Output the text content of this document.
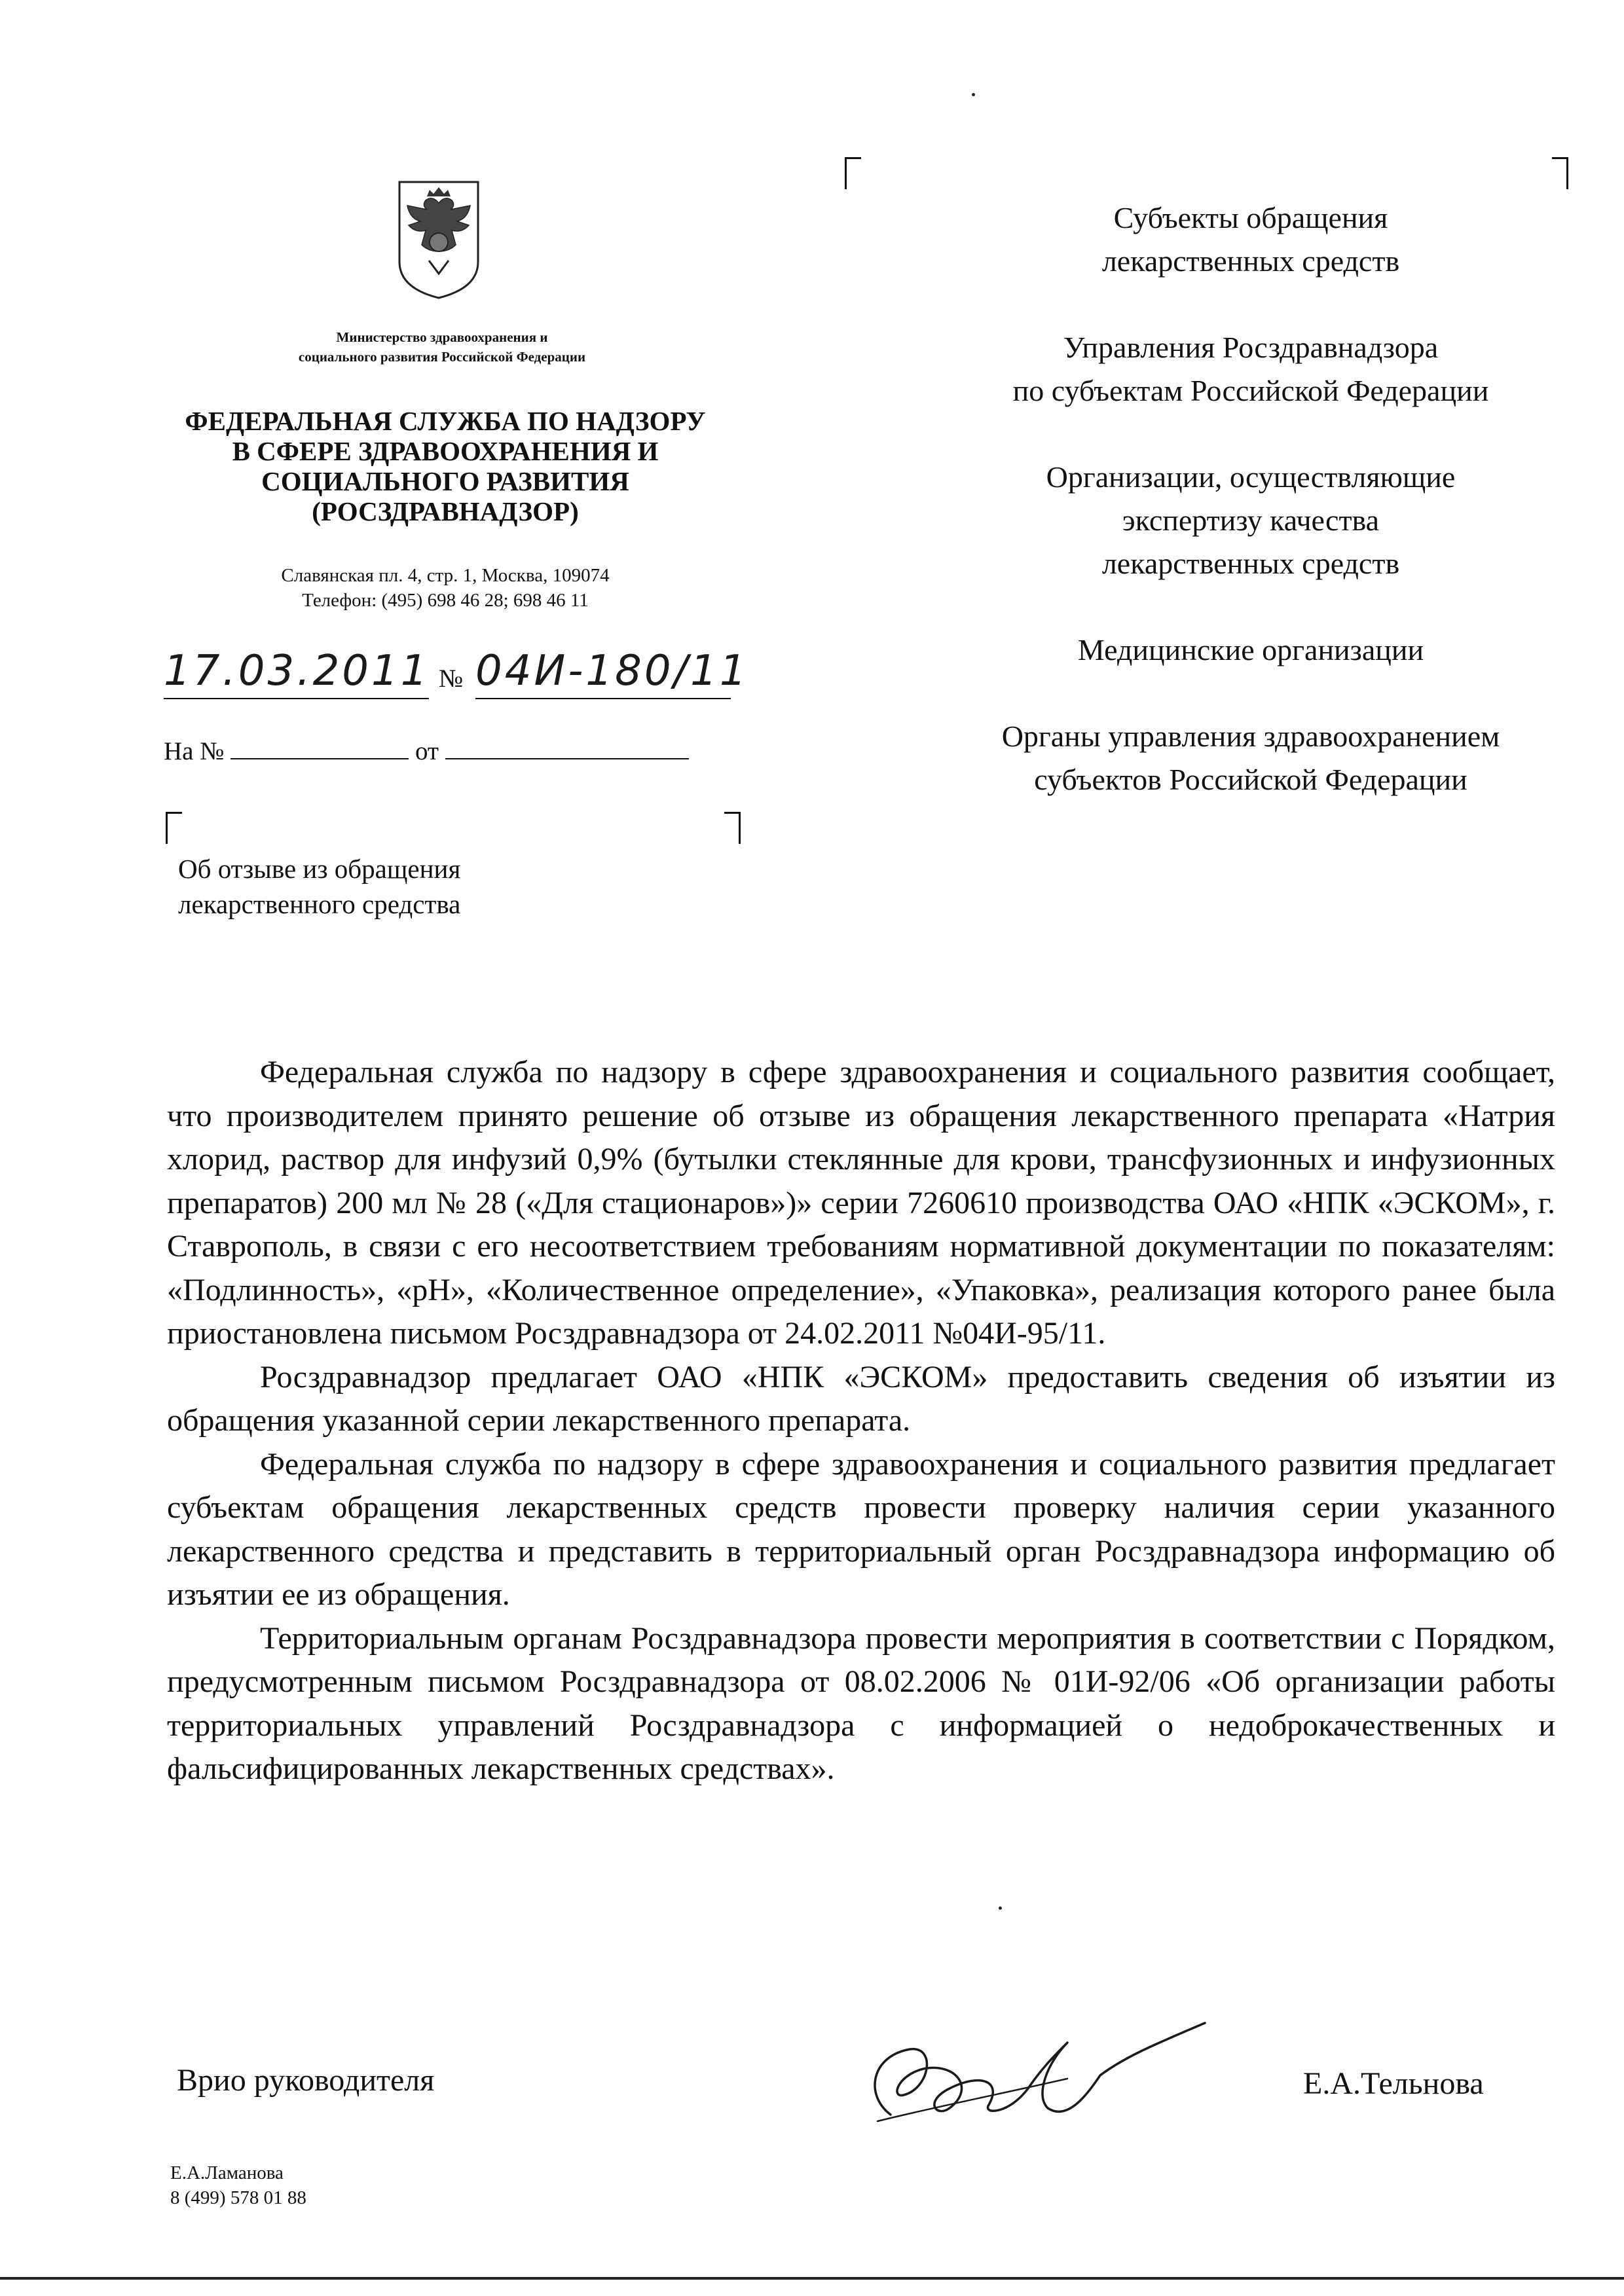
Министерство здравоохранения и
социального развития Российской Федерации
ФЕДЕРАЛЬНАЯ СЛУЖБА ПО НАДЗОРУ
В СФЕРЕ ЗДРАВООХРАНЕНИЯ И
СОЦИАЛЬНОГО РАЗВИТИЯ
(РОСЗДРАВНАДЗОР)
Славянская пл. 4, стр. 1, Москва, 109074
Телефон: (495) 698 46 28; 698 46 11
17.03.2011 № 04И-180/11
На №	от
Об отзыве из обращения
лекарственного средства
Субъекты обращения
лекарственных средств
Управления Росздравнадзора
по субъектам Российской Федерации
Организации, осуществляющие
экспертизу качества
лекарственных средств
Медицинские организации
Органы управления здравоохранением
субъектов Российской Федерации

Федеральная служба по надзору в сфере здравоохранения и социального развития сообщает, что производителем принято решение об отзыве из обращения лекарственного препарата «Натрия хлорид, раствор для инфузий 0,9% (бутылки стеклянные для крови, трансфузионных и инфузионных препаратов) 200 мл № 28 («Для стационаров»)» серии 7260610 производства ОАО «НПК «ЭСКОМ», г. Ставрополь, в связи с его несоответствием требованиям нормативной документации по показателям: «Подлинность», «pH», «Количественное определение», «Упаковка», реализация которого ранее была приостановлена письмом Росздравнадзора от 24.02.2011 №04И-95/11.

Росздравнадзор предлагает ОАО «НПК «ЭСКОМ» предоставить сведения об изъятии из обращения указанной серии лекарственного препарата.

Федеральная служба по надзору в сфере здравоохранения и социального развития предлагает субъектам обращения лекарственных средств провести проверку наличия серии указанного лекарственного средства и представить в территориальный орган Росздравнадзора информацию об изъятии ее из обращения.

Территориальным органам Росздравнадзора провести мероприятия в соответствии с Порядком, предусмотренным письмом Росздравнадзора от 08.02.2006 № 01И-92/06 «Об организации работы территориальных управлений Росздравнадзора с информацией о недоброкачественных и фальсифицированных лекарственных средствах».

Врио руководителя	Е.А.Тельнова
Е.А.Ламанова
8 (499) 578 01 88
